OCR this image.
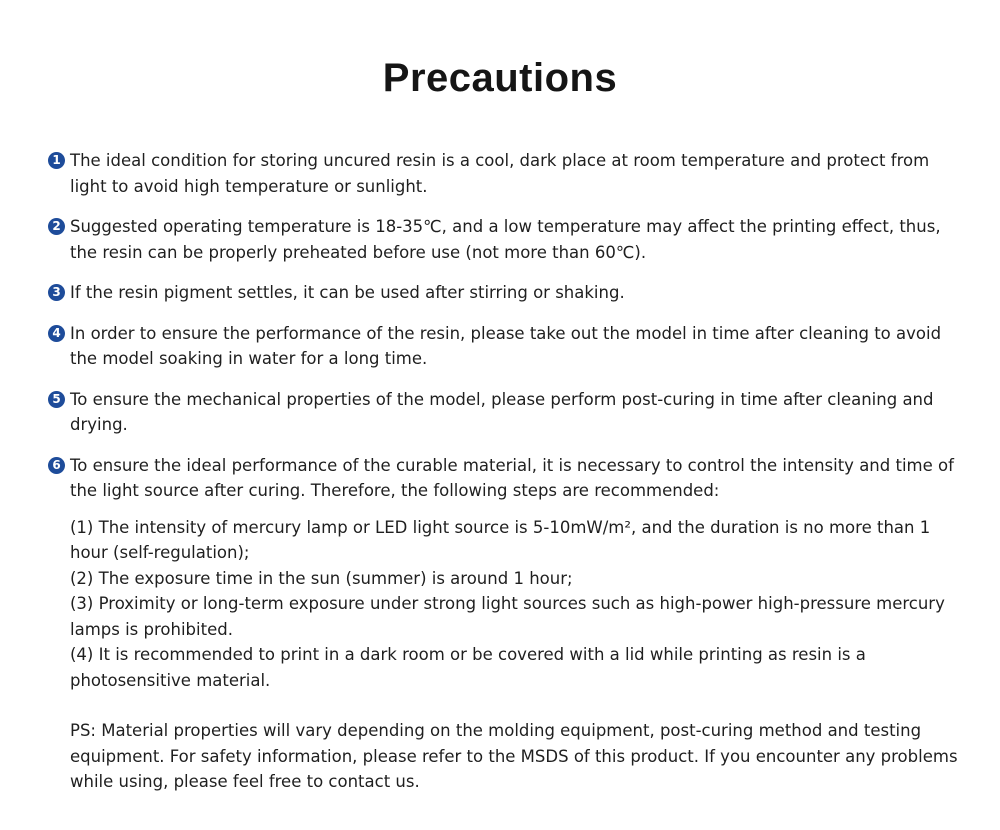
Precautions
1 The ideal condition for storing uncured resin is a cool, dark place at room temperature and protect from light to avoid high temperature or sunlight.
2 Suggested operating temperature is 18-35℃, and a low temperature may affect the printing effect, thus, the resin can be properly preheated before use (not more than 60℃).
3 If the resin pigment settles, it can be used after stirring or shaking.
4 In order to ensure the performance of the resin, please take out the model in time after cleaning to avoid the model soaking in water for a long time.
5 To ensure the mechanical properties of the model, please perform post-curing in time after cleaning and drying.
6 To ensure the ideal performance of the curable material, it is necessary to control the intensity and time of the light source after curing. Therefore, the following steps are recommended:
(1) The intensity of mercury lamp or LED light source is 5-10mW/m², and the duration is no more than 1 hour (self-regulation);
(2) The exposure time in the sun (summer) is around 1 hour;
(3) Proximity or long-term exposure under strong light sources such as high-power high-pressure mercury lamps is prohibited.
(4) It is recommended to print in a dark room or be covered with a lid while printing as resin is a photosensitive material.
PS: Material properties will vary depending on the molding equipment, post-curing method and testing equipment. For safety information, please refer to the MSDS of this product. If you encounter any problems while using, please feel free to contact us.
